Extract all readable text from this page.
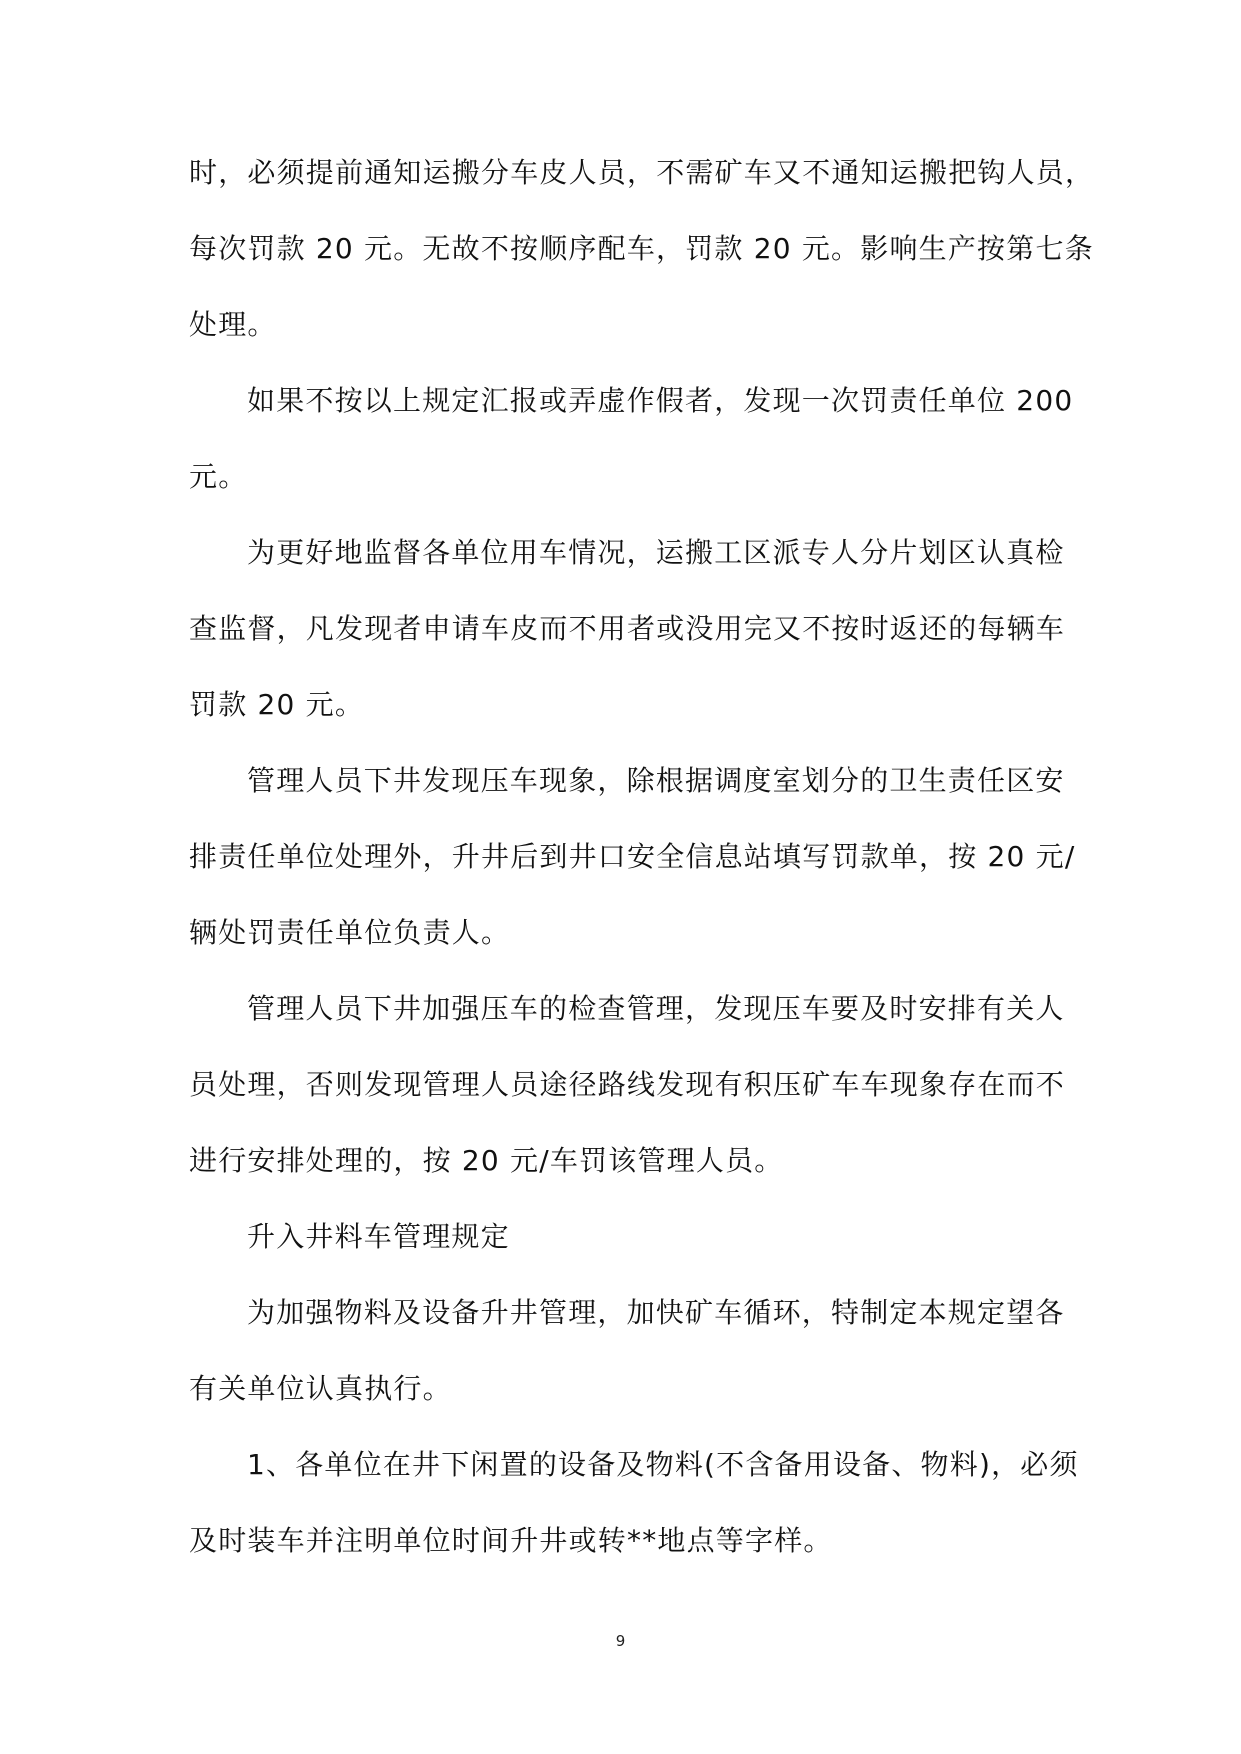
时，必须提前通知运搬分车皮人员，不需矿车又不通知运搬把钩人员，
每次罚款 20 元。无故不按顺序配车，罚款 20 元。影响生产按第七条
处理。
如果不按以上规定汇报或弄虚作假者，发现一次罚责任单位 200
元。
为更好地监督各单位用车情况，运搬工区派专人分片划区认真检
查监督，凡发现者申请车皮而不用者或没用完又不按时返还的每辆车
罚款 20 元。
管理人员下井发现压车现象，除根据调度室划分的卫生责任区安
排责任单位处理外，升井后到井口安全信息站填写罚款单，按 20 元/
辆处罚责任单位负责人。
管理人员下井加强压车的检查管理，发现压车要及时安排有关人
员处理，否则发现管理人员途径路线发现有积压矿车车现象存在而不
进行安排处理的，按 20 元/车罚该管理人员。
升入井料车管理规定
为加强物料及设备升井管理，加快矿车循环，特制定本规定望各
有关单位认真执行。
1、各单位在井下闲置的设备及物料(不含备用设备、物料)，必须
及时装车并注明单位时间升井或转**地点等字样。
9
